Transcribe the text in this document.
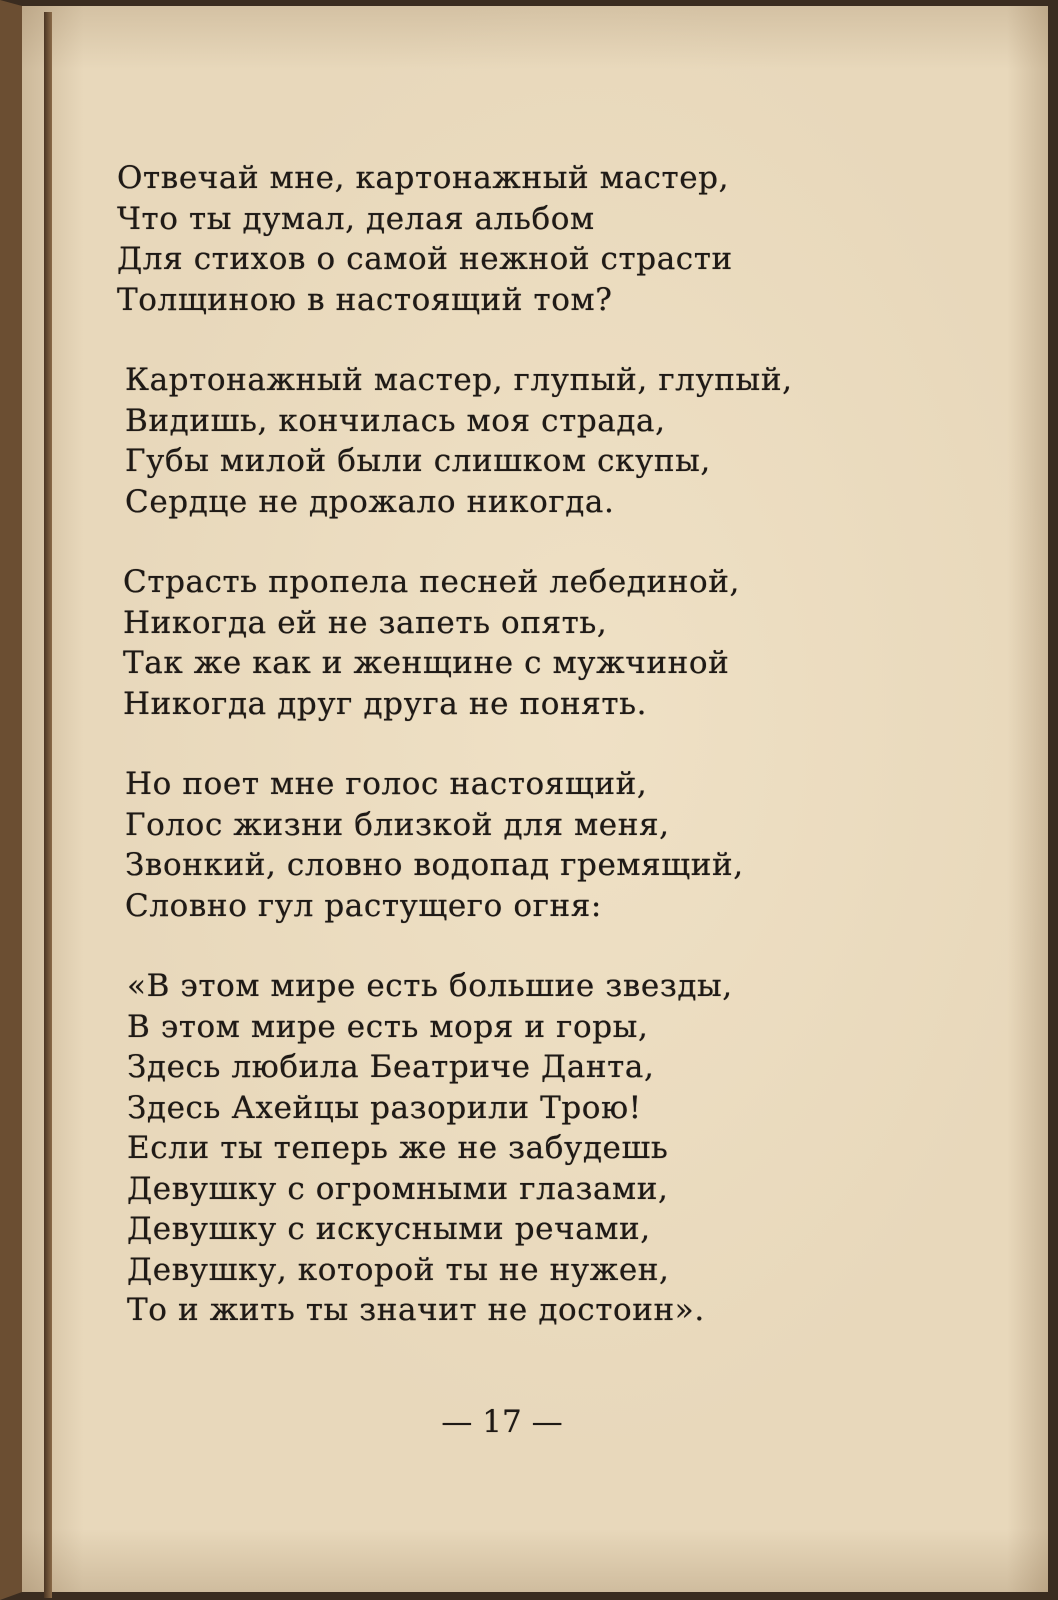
Отвечай мне, картонажный мастер,
Что ты думал, делая альбом
Для стихов о самой нежной страсти
Толщиною в настоящий том?
Картонажный мастер, глупый, глупый,
Видишь, кончилась моя страда,
Губы милой были слишком скупы,
Сердце не дрожало никогда.
Страсть пропела песней лебединой,
Никогда ей не запеть опять,
Так же как и женщине с мужчиной
Никогда друг друга не понять.
Но поет мне голос настоящий,
Голос жизни близкой для меня,
Звонкий, словно водопад гремящий,
Словно гул растущего огня:
«В этом мире есть большие звезды,
В этом мире есть моря и горы,
Здесь любила Беатриче Данта,
Здесь Ахейцы разорили Трою!
Если ты теперь же не забудешь
Девушку с огромными глазами,
Девушку с искусными речами,
Девушку, которой ты не нужен,
То и жить ты значит не достоин».
— 17 —
